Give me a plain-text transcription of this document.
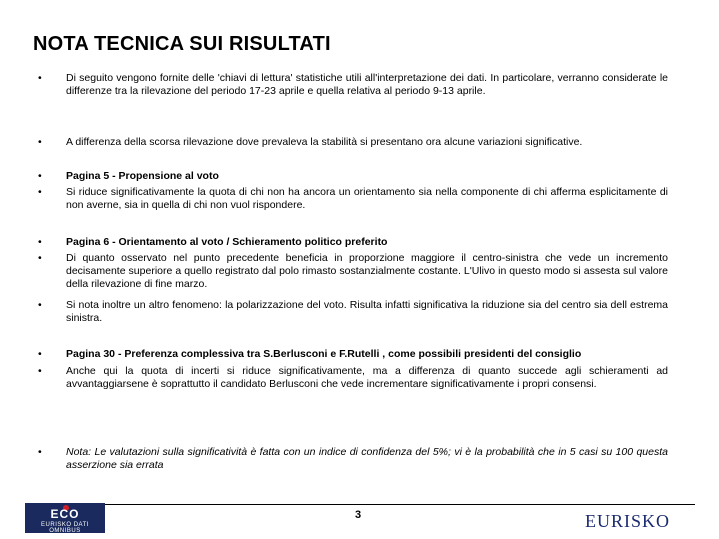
NOTA TECNICA SUI RISULTATI
•	Di seguito vengono fornite delle 'chiavi di lettura' statistiche utili all'interpretazione dei dati. In particolare, verranno considerate le differenze tra la rilevazione del periodo 17-23 aprile e quella relativa al periodo 9-13 aprile.
•	A differenza della scorsa rilevazione dove prevaleva la stabilità si presentano ora alcune variazioni significative.
•	Pagina 5 - Propensione al voto
•	Si riduce significativamente la quota di chi non ha ancora un orientamento sia nella componente di chi afferma esplicitamente di non averne, sia in quella di chi non vuol rispondere.
•	Pagina 6 - Orientamento al voto / Schieramento politico preferito
•	Di quanto osservato nel punto precedente beneficia in proporzione maggiore il centro-sinistra che vede un incremento decisamente superiore a quello registrato dal polo rimasto sostanzialmente costante. L'Ulivo in questo modo si assesta sul valore della rilevazione di fine marzo.
•	Si nota inoltre un altro fenomeno: la polarizzazione del voto. Risulta infatti significativa la riduzione sia del centro sia dell estrema sinistra.
•	Pagina 30 - Preferenza complessiva tra S.Berlusconi e F.Rutelli , come possibili presidenti del consiglio
•	Anche qui la quota di incerti si riduce significativamente, ma a differenza di quanto succede agli schieramenti ad avvantaggiarsene è soprattutto il candidato Berlusconi che vede incrementare significativamente i propri consensi.
•	Nota: Le valutazioni sulla significatività è fatta con un indice di confidenza del 5%; vi è la probabilità che in 5 casi su 100 questa asserzione sia errata
3
ECO
EURISKO DATI OMNIBUS	EURISKO
